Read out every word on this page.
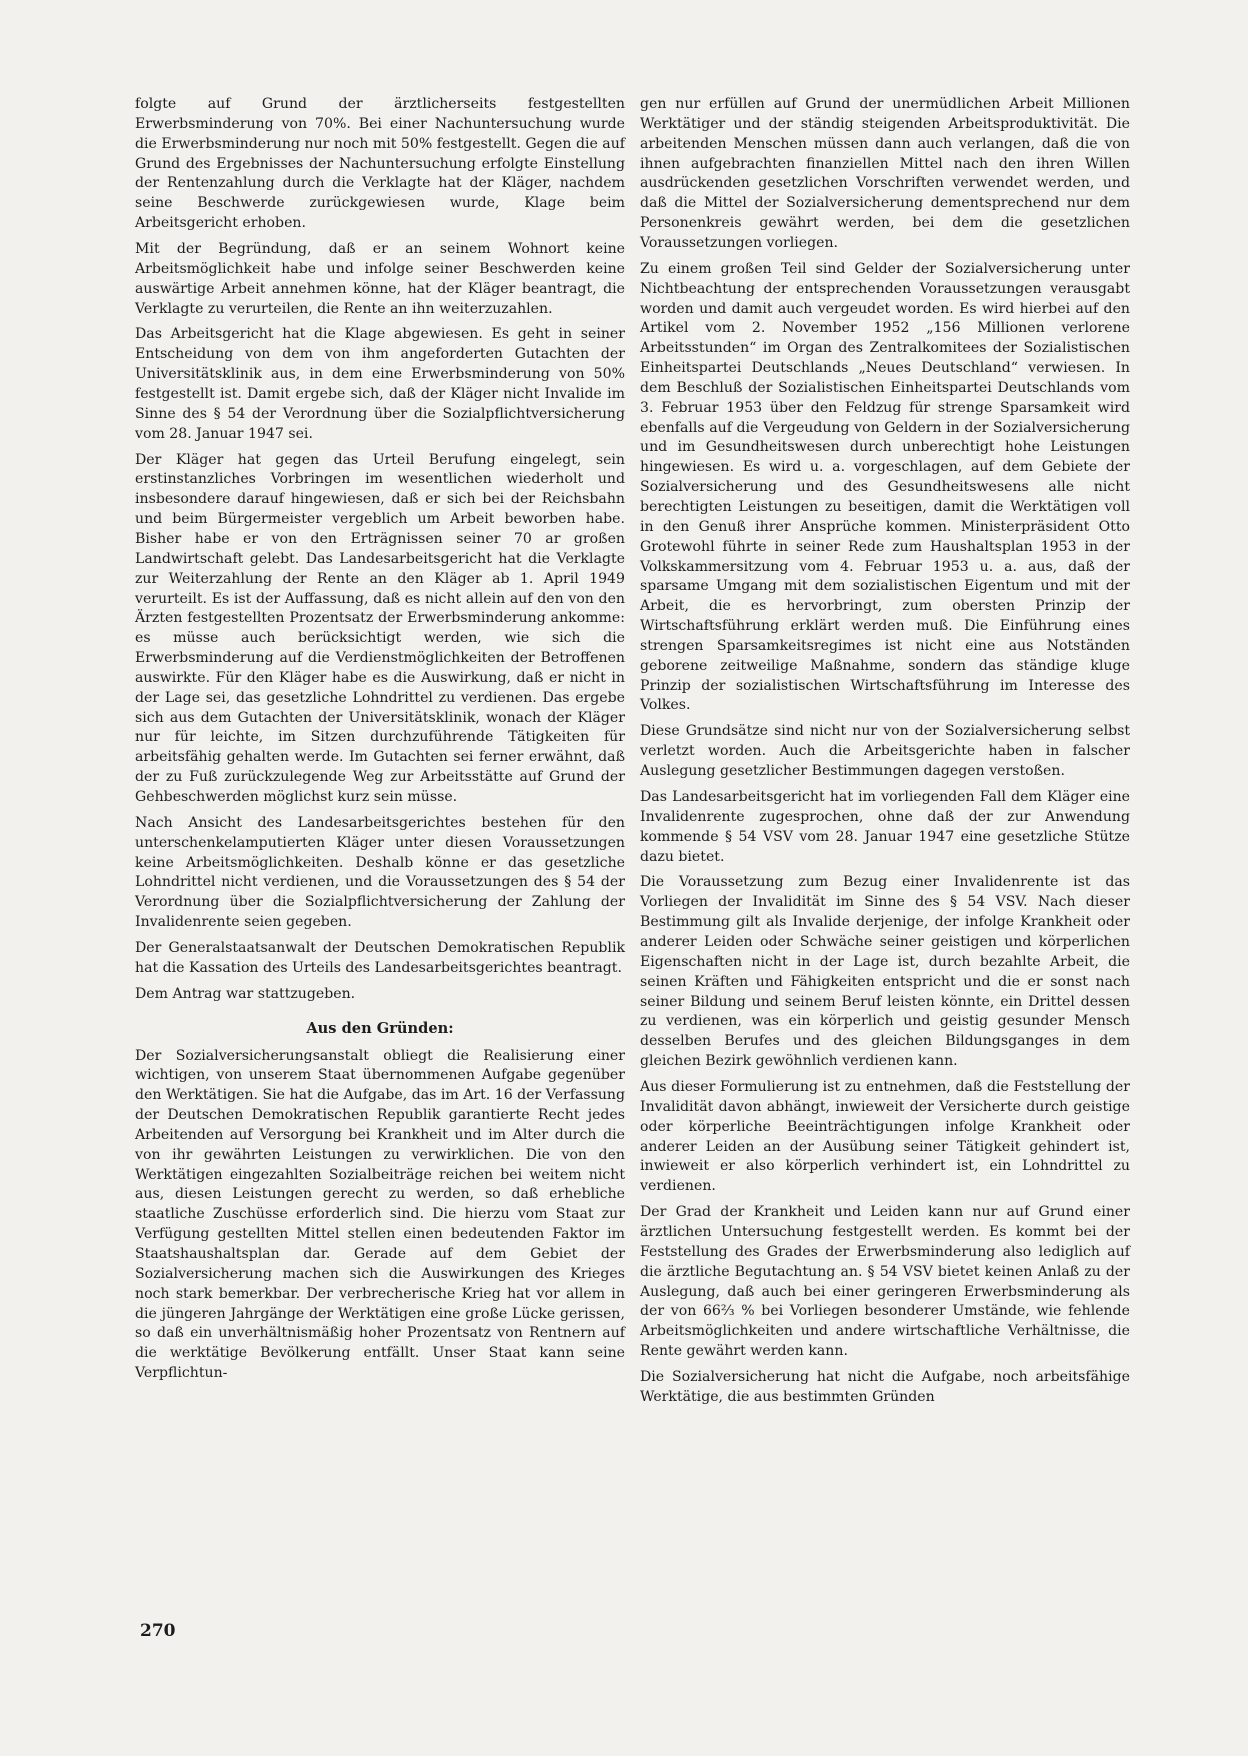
folgte auf Grund der ärztlicherseits festgestellten Erwerbsminderung von 70%. Bei einer Nachuntersuchung wurde die Erwerbsminderung nur noch mit 50% festgestellt. Gegen die auf Grund des Ergebnisses der Nachuntersuchung erfolgte Einstellung der Rentenzahlung durch die Verklagte hat der Kläger, nachdem seine Beschwerde zurückgewiesen wurde, Klage beim Arbeitsgericht erhoben.

Mit der Begründung, daß er an seinem Wohnort keine Arbeitsmöglichkeit habe und infolge seiner Beschwerden keine auswärtige Arbeit annehmen könne, hat der Kläger beantragt, die Verklagte zu verurteilen, die Rente an ihn weiterzuzahlen.

Das Arbeitsgericht hat die Klage abgewiesen. Es geht in seiner Entscheidung von dem von ihm angeforderten Gutachten der Universitätsklinik aus, in dem eine Erwerbsminderung von 50% festgestellt ist. Damit ergebe sich, daß der Kläger nicht Invalide im Sinne des § 54 der Verordnung über die Sozialpflichtversicherung vom 28. Januar 1947 sei.

Der Kläger hat gegen das Urteil Berufung eingelegt, sein erstinstanzliches Vorbringen im wesentlichen wiederholt und insbesondere darauf hingewiesen, daß er sich bei der Reichsbahn und beim Bürgermeister vergeblich um Arbeit beworben habe. Bisher habe er von den Erträgnissen seiner 70 ar großen Landwirtschaft gelebt. Das Landesarbeitsgericht hat die Verklagte zur Weiterzahlung der Rente an den Kläger ab 1. April 1949 verurteilt. Es ist der Auffassung, daß es nicht allein auf den von den Ärzten festgestellten Prozentsatz der Erwerbsminderung ankomme: es müsse auch berücksichtigt werden, wie sich die Erwerbsminderung auf die Verdienstmöglichkeiten der Betroffenen auswirkte. Für den Kläger habe es die Auswirkung, daß er nicht in der Lage sei, das gesetzliche Lohndrittel zu verdienen. Das ergebe sich aus dem Gutachten der Universitätsklinik, wonach der Kläger nur für leichte, im Sitzen durchzuführende Tätigkeiten für arbeitsfähig gehalten werde. Im Gutachten sei ferner erwähnt, daß der zu Fuß zurückzulegende Weg zur Arbeitsstätte auf Grund der Gehbeschwerden möglichst kurz sein müsse.

Nach Ansicht des Landesarbeitsgerichtes bestehen für den unterschenkelamputierten Kläger unter diesen Voraussetzungen keine Arbeitsmöglichkeiten. Deshalb könne er das gesetzliche Lohndrittel nicht verdienen, und die Voraussetzungen des § 54 der Verordnung über die Sozialpflichtversicherung der Zahlung der Invalidenrente seien gegeben.

Der Generalstaatsanwalt der Deutschen Demokratischen Republik hat die Kassation des Urteils des Landesarbeitsgerichtes beantragt.

Dem Antrag war stattzugeben.

Aus den Gründen:

Der Sozialversicherungsanstalt obliegt die Realisierung einer wichtigen, von unserem Staat übernommenen Aufgabe gegenüber den Werktätigen. Sie hat die Aufgabe, das im Art. 16 der Verfassung der Deutschen Demokratischen Republik garantierte Recht jedes Arbeitenden auf Versorgung bei Krankheit und im Alter durch die von ihr gewährten Leistungen zu verwirklichen. Die von den Werktätigen eingezahlten Sozialbeiträge reichen bei weitem nicht aus, diesen Leistungen gerecht zu werden, so daß erhebliche staatliche Zuschüsse erforderlich sind. Die hierzu vom Staat zur Verfügung gestellten Mittel stellen einen bedeutenden Faktor im Staatshaushaltsplan dar. Gerade auf dem Gebiet der Sozialversicherung machen sich die Auswirkungen des Krieges noch stark bemerkbar. Der verbrecherische Krieg hat vor allem in die jüngeren Jahrgänge der Werktätigen eine große Lücke gerissen, so daß ein unverhältnismäßig hoher Prozentsatz von Rentnern auf die werktätige Bevölkerung entfällt. Unser Staat kann seine Verpflichtun-

gen nur erfüllen auf Grund der unermüdlichen Arbeit Millionen Werktätiger und der ständig steigenden Arbeitsproduktivität. Die arbeitenden Menschen müssen dann auch verlangen, daß die von ihnen aufgebrachten finanziellen Mittel nach den ihren Willen ausdrückenden gesetzlichen Vorschriften verwendet werden, und daß die Mittel der Sozialversicherung dementsprechend nur dem Personenkreis gewährt werden, bei dem die gesetzlichen Voraussetzungen vorliegen.

Zu einem großen Teil sind Gelder der Sozialversicherung unter Nichtbeachtung der entsprechenden Voraussetzungen verausgabt worden und damit auch vergeudet worden. Es wird hierbei auf den Artikel vom 2. November 1952 „156 Millionen verlorene Arbeitsstunden“ im Organ des Zentralkomitees der Sozialistischen Einheitspartei Deutschlands „Neues Deutschland“ verwiesen. In dem Beschluß der Sozialistischen Einheitspartei Deutschlands vom 3. Februar 1953 über den Feldzug für strenge Sparsamkeit wird ebenfalls auf die Vergeudung von Geldern in der Sozialversicherung und im Gesundheitswesen durch unberechtigt hohe Leistungen hingewiesen. Es wird u. a. vorgeschlagen, auf dem Gebiete der Sozialversicherung und des Gesundheitswesens alle nicht berechtigten Leistungen zu beseitigen, damit die Werktätigen voll in den Genuß ihrer Ansprüche kommen. Ministerpräsident Otto Grotewohl führte in seiner Rede zum Haushaltsplan 1953 in der Volkskammersitzung vom 4. Februar 1953 u. a. aus, daß der sparsame Umgang mit dem sozialistischen Eigentum und mit der Arbeit, die es hervorbringt, zum obersten Prinzip der Wirtschaftsführung erklärt werden muß. Die Einführung eines strengen Sparsamkeitsregimes ist nicht eine aus Notständen geborene zeitweilige Maßnahme, sondern das ständige kluge Prinzip der sozialistischen Wirtschaftsführung im Interesse des Volkes.

Diese Grundsätze sind nicht nur von der Sozialversicherung selbst verletzt worden. Auch die Arbeitsgerichte haben in falscher Auslegung gesetzlicher Bestimmungen dagegen verstoßen.

Das Landesarbeitsgericht hat im vorliegenden Fall dem Kläger eine Invalidenrente zugesprochen, ohne daß der zur Anwendung kommende § 54 VSV vom 28. Januar 1947 eine gesetzliche Stütze dazu bietet.

Die Voraussetzung zum Bezug einer Invalidenrente ist das Vorliegen der Invalidität im Sinne des § 54 VSV. Nach dieser Bestimmung gilt als Invalide derjenige, der infolge Krankheit oder anderer Leiden oder Schwäche seiner geistigen und körperlichen Eigenschaften nicht in der Lage ist, durch bezahlte Arbeit, die seinen Kräften und Fähigkeiten entspricht und die er sonst nach seiner Bildung und seinem Beruf leisten könnte, ein Drittel dessen zu verdienen, was ein körperlich und geistig gesunder Mensch desselben Berufes und des gleichen Bildungsganges in dem gleichen Bezirk gewöhnlich verdienen kann.

Aus dieser Formulierung ist zu entnehmen, daß die Feststellung der Invalidität davon abhängt, inwieweit der Versicherte durch geistige oder körperliche Beeinträchtigungen infolge Krankheit oder anderer Leiden an der Ausübung seiner Tätigkeit gehindert ist, inwieweit er also körperlich verhindert ist, ein Lohndrittel zu verdienen.

Der Grad der Krankheit und Leiden kann nur auf Grund einer ärztlichen Untersuchung festgestellt werden. Es kommt bei der Feststellung des Grades der Erwerbsminderung also lediglich auf die ärztliche Begutachtung an. § 54 VSV bietet keinen Anlaß zu der Auslegung, daß auch bei einer geringeren Erwerbsminderung als der von 66⅔ % bei Vorliegen besonderer Umstände, wie fehlende Arbeitsmöglichkeiten und andere wirtschaftliche Verhältnisse, die Rente gewährt werden kann.

Die Sozialversicherung hat nicht die Aufgabe, noch arbeitsfähige Werktätige, die aus bestimmten Gründen

270
